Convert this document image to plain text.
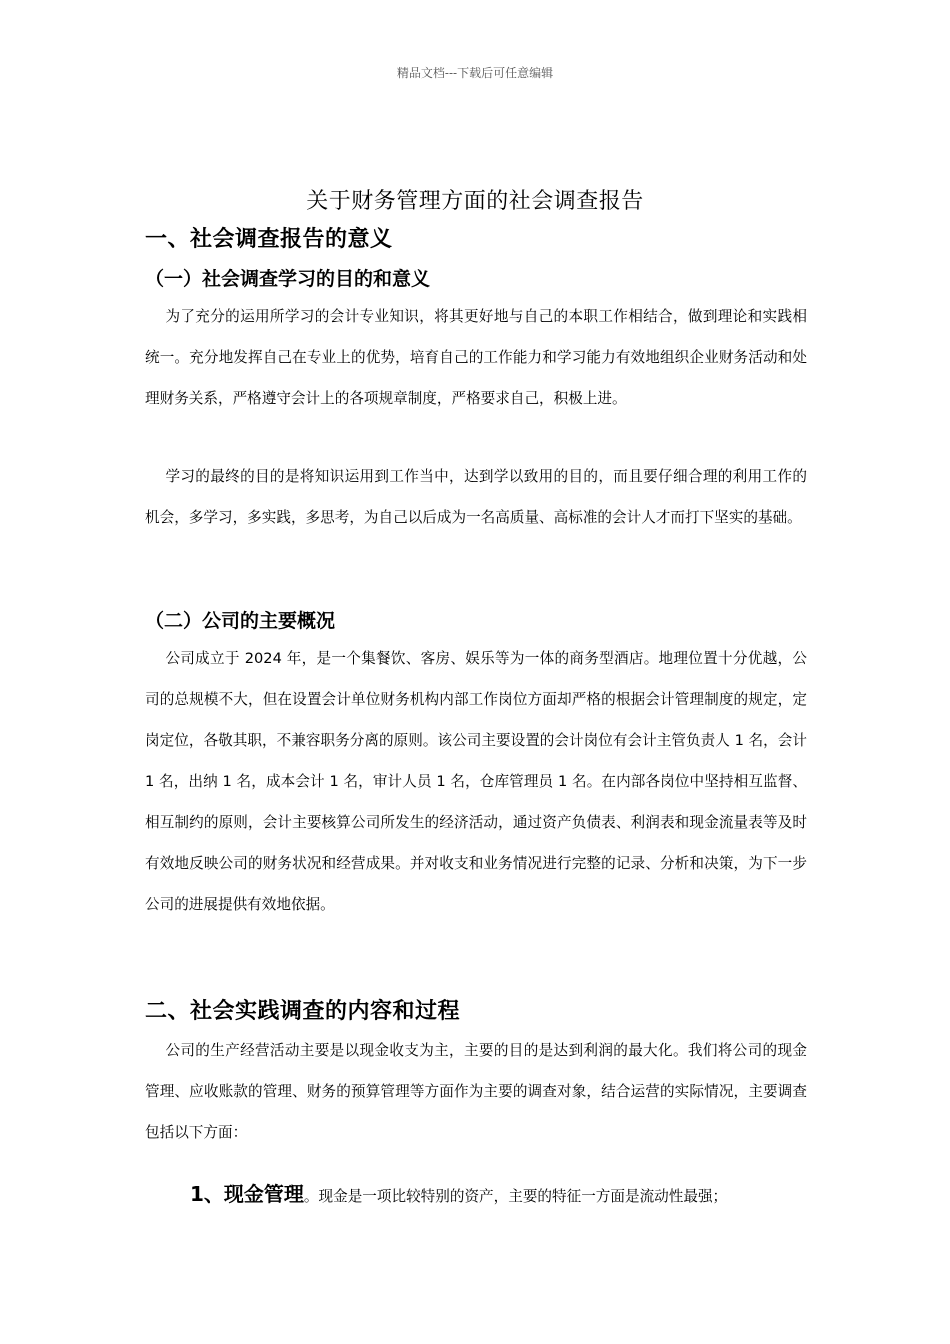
精品文档---下载后可任意编辑
关于财务管理方面的社会调查报告
一、社会调查报告的意义
（一）社会调查学习的目的和意义
为了充分的运用所学习的会计专业知识，将其更好地与自己的本职工作相结合，做到理论和实践相统一。充分地发挥自己在专业上的优势，培育自己的工作能力和学习能力有效地组织企业财务活动和处理财务关系，严格遵守会计上的各项规章制度，严格要求自己，积极上进。
学习的最终的目的是将知识运用到工作当中，达到学以致用的目的，而且要仔细合理的利用工作的机会，多学习，多实践，多思考，为自己以后成为一名高质量、高标准的会计人才而打下坚实的基础。
（二）公司的主要概况
公司成立于 2024 年，是一个集餐饮、客房、娱乐等为一体的商务型酒店。地理位置十分优越，公司的总规模不大，但在设置会计单位财务机构内部工作岗位方面却严格的根据会计管理制度的规定，定岗定位，各敬其职，不兼容职务分离的原则。该公司主要设置的会计岗位有会计主管负责人 1 名，会计 1 名，出纳 1 名，成本会计 1 名，审计人员 1 名，仓库管理员 1 名。在内部各岗位中坚持相互监督、相互制约的原则，会计主要核算公司所发生的经济活动，通过资产负债表、利润表和现金流量表等及时有效地反映公司的财务状况和经营成果。并对收支和业务情况进行完整的记录、分析和决策，为下一步公司的进展提供有效地依据。
二、社会实践调查的内容和过程
公司的生产经营活动主要是以现金收支为主，主要的目的是达到利润的最大化。我们将公司的现金管理、应收账款的管理、财务的预算管理等方面作为主要的调查对象，结合运营的实际情况，主要调查包括以下方面：
1、现金管理。现金是一项比较特别的资产，主要的特征一方面是流动性最强；
